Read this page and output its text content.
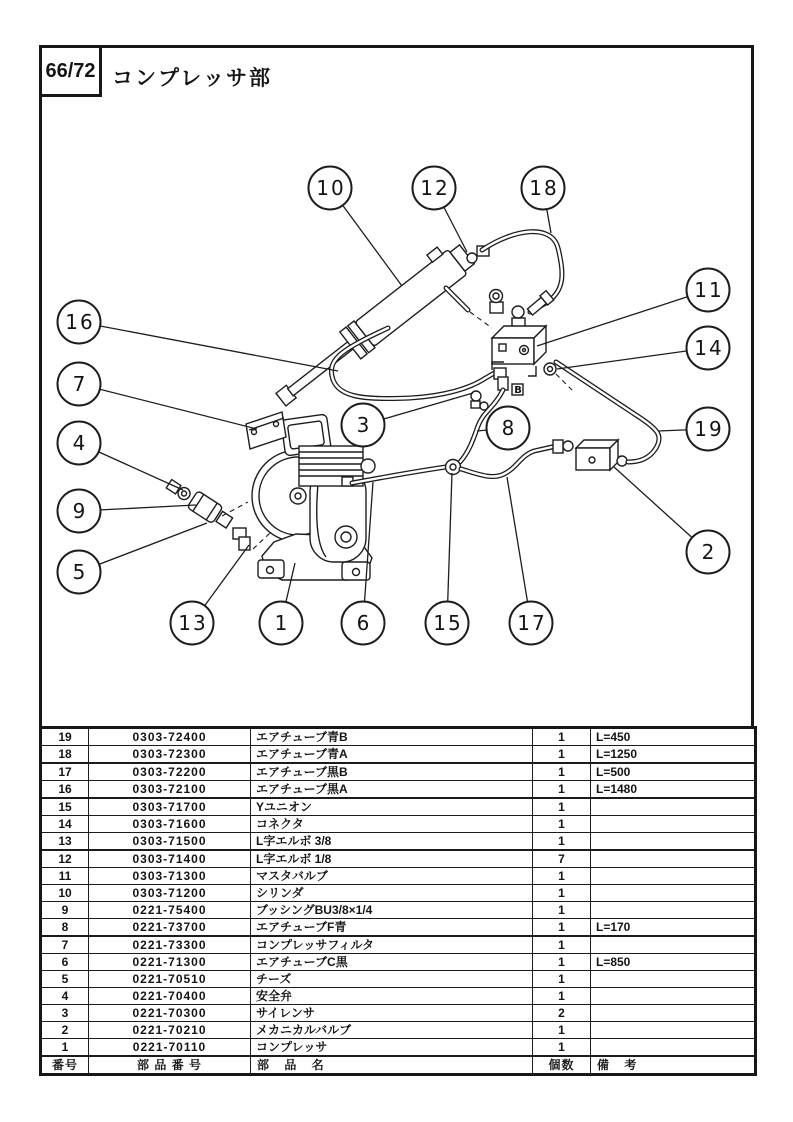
66/72 コンプレッサ部
B
10	12	18
11
14
19
2
16
7
4
9
5
3	8
13	1	6	15	17
19	0303-72400	エアチューブ青B	1	L=450
18	0303-72300	エアチューブ青A	1	L=1250
17	0303-72200	エアチューブ黒B	1	L=500
16	0303-72100	エアチューブ黒A	1	L=1480
15	0303-71700	Yユニオン	1	
14	0303-71600	コネクタ	1	
13	0303-71500	L字エルボ 3/8	1	
12	0303-71400	L字エルボ 1/8	7	
11	0303-71300	マスタバルブ	1	
10	0303-71200	シリンダ	1	
9	0221-75400	ブッシングBU3/8×1/4	1	
8	0221-73700	エアチューブF青	1	L=170
7	0221-73300	コンプレッサフィルタ	1	
6	0221-71300	エアチューブC黒	1	L=850
5	0221-70510	チーズ	1	
4	0221-70400	安全弁	1	
3	0221-70300	サイレンサ	2	
2	0221-70210	メカニカルバルブ	1	
1	0221-70110	コンプレッサ	1	
番号	部 品 番 号	部 品 名	個数	備 考
